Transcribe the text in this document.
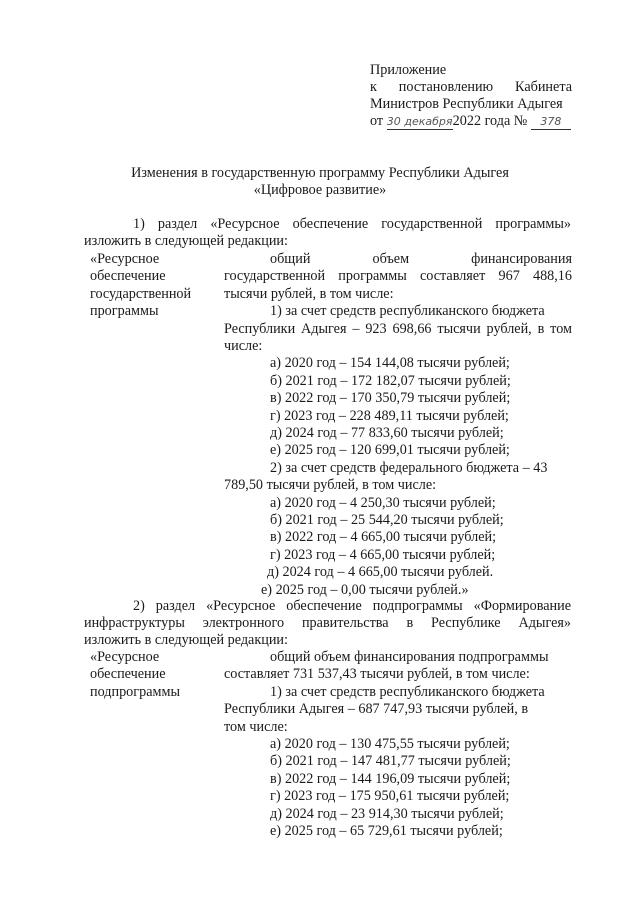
Приложение
к постановлению Кабинета
Министров Республики Адыгея
от 30 декабря2022 года № 378
Изменения в государственную программу Республики Адыгея
«Цифровое развитие»
1) раздел «Ресурсное обеспечение государственной программы»
изложить в следующей редакции:
«Ресурсное
обеспечение
государственной
программы
общий объем финансирования
государственной программы составляет 967 488,16
тысячи рублей, в том числе:
1) за счет средств республиканского бюджета
Республики Адыгея – 923 698,66 тысячи рублей, в том
числе:
а) 2020 год – 154 144,08 тысячи рублей;
б) 2021 год – 172 182,07 тысячи рублей;
в) 2022 год – 170 350,79 тысячи рублей;
г) 2023 год – 228 489,11 тысячи рублей;
д) 2024 год – 77 833,60 тысячи рублей;
е) 2025 год – 120 699,01 тысячи рублей;
2) за счет средств федерального бюджета – 43
789,50 тысячи рублей, в том числе:
а) 2020 год – 4 250,30 тысячи рублей;
б) 2021 год – 25 544,20 тысячи рублей;
в) 2022 год – 4 665,00 тысячи рублей;
г) 2023 год – 4 665,00 тысячи рублей;
д) 2024 год – 4 665,00 тысячи рублей.
е) 2025 год – 0,00 тысячи рублей.»
2) раздел «Ресурсное обеспечение подпрограммы «Формирование
инфраструктуры электронного правительства в Республике Адыгея»
изложить в следующей редакции:
«Ресурсное
обеспечение
подпрограммы
общий объем финансирования подпрограммы
составляет 731 537,43 тысячи рублей, в том числе:
1) за счет средств республиканского бюджета
Республики Адыгея – 687 747,93 тысячи рублей, в
том числе:
а) 2020 год – 130 475,55 тысячи рублей;
б) 2021 год – 147 481,77 тысячи рублей;
в) 2022 год – 144 196,09 тысячи рублей;
г) 2023 год – 175 950,61 тысячи рублей;
д) 2024 год – 23 914,30 тысячи рублей;
е) 2025 год – 65 729,61 тысячи рублей;
